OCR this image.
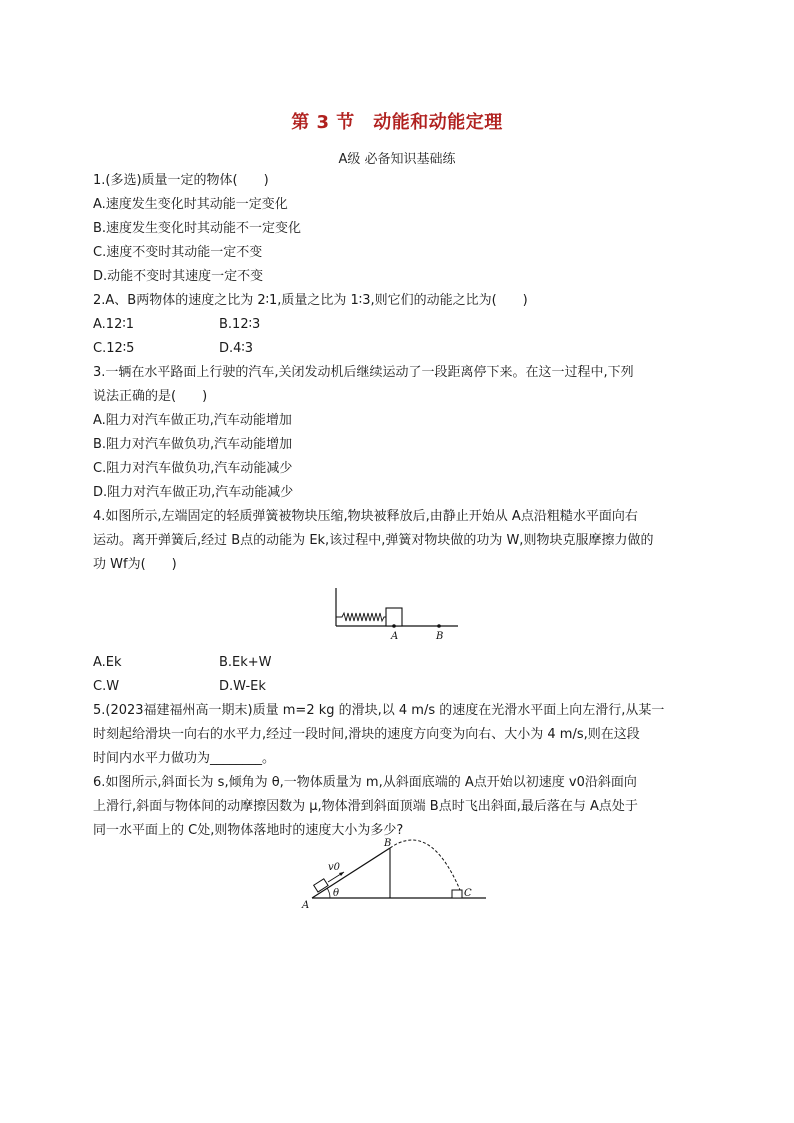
第 3 节　动能和动能定理
A级 必备知识基础练
1.(多选)质量一定的物体(　　)
A.速度发生变化时其动能一定变化
B.速度发生变化时其动能不一定变化
C.速度不变时其动能一定不变
D.动能不变时其速度一定不变
2.A、B两物体的速度之比为 2∶1,质量之比为 1∶3,则它们的动能之比为(　　)
A.12∶1	B.12∶3
C.12∶5	D.4∶3
3.一辆在水平路面上行驶的汽车,关闭发动机后继续运动了一段距离停下来。在这一过程中,下列
说法正确的是(　　)
A.阻力对汽车做正功,汽车动能增加
B.阻力对汽车做负功,汽车动能增加
C.阻力对汽车做负功,汽车动能减少
D.阻力对汽车做正功,汽车动能减少
4.如图所示,左端固定的轻质弹簧被物块压缩,物块被释放后,由静止开始从 A点沿粗糙水平面向右
运动。离开弹簧后,经过 B点的动能为 Ek,该过程中,弹簧对物块做的功为 W,则物块克服摩擦力做的
功 Wf为(　　)
A	B
A.Ek	B.Ek+W
C.W	D.W-Ek
5.(2023福建福州高一期末)质量 m=2 kg 的滑块,以 4 m/s 的速度在光滑水平面上向左滑行,从某一
时刻起给滑块一向右的水平力,经过一段时间,滑块的速度方向变为向右、大小为 4 m/s,则在这段
时间内水平力做功为________。
6.如图所示,斜面长为 s,倾角为 θ,一物体质量为 m,从斜面底端的 A点开始以初速度 v0沿斜面向
上滑行,斜面与物体间的动摩擦因数为 μ,物体滑到斜面顶端 B点时飞出斜面,最后落在与 A点处于
同一水平面上的 C处,则物体落地时的速度大小为多少?
A
B
C
v0
θ
